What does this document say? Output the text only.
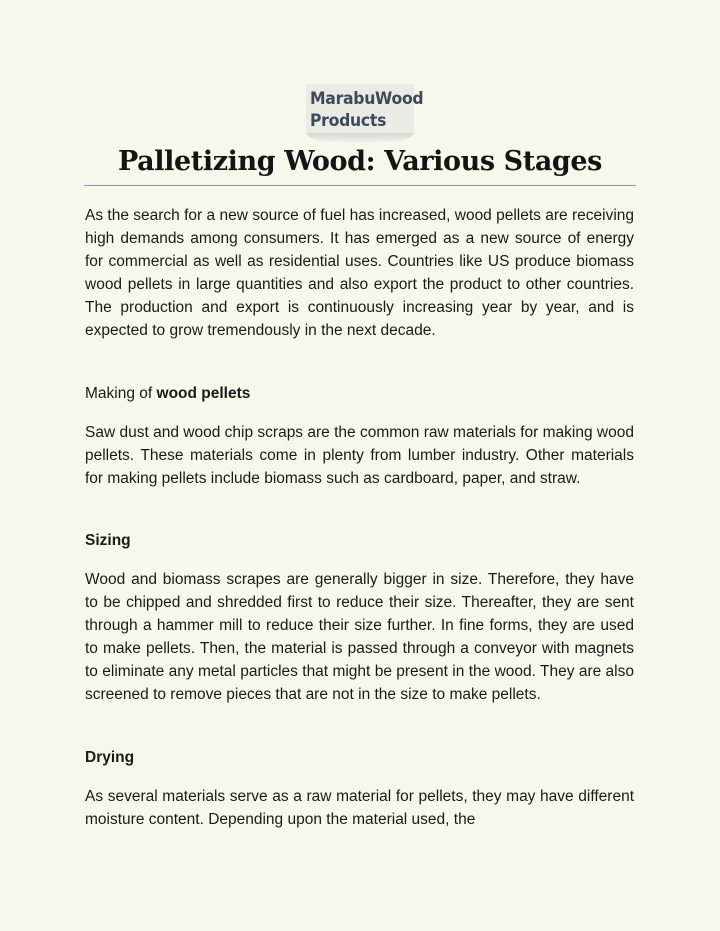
MarabuWood
Products
Palletizing Wood: Various Stages

As the search for a new source of fuel has increased, wood pellets are receiving high demands among consumers. It has emerged as a new source of energy for commercial as well as residential uses. Countries like US produce biomass wood pellets in large quantities and also export the product to other countries. The production and export is continuously increasing year by year, and is expected to grow tremendously in the next decade.

Making of wood pellets

Saw dust and wood chip scraps are the common raw materials for making wood pellets. These materials come in plenty from lumber industry. Other materials for making pellets include biomass such as cardboard, paper, and straw.

Sizing

Wood and biomass scrapes are generally bigger in size. Therefore, they have to be chipped and shredded first to reduce their size. Thereafter, they are sent through a hammer mill to reduce their size further. In fine forms, they are used to make pellets. Then, the material is passed through a conveyor with magnets to eliminate any metal particles that might be present in the wood. They are also screened to remove pieces that are not in the size to make pellets.

Drying

As several materials serve as a raw material for pellets, they may have different moisture content. Depending upon the material used, the
